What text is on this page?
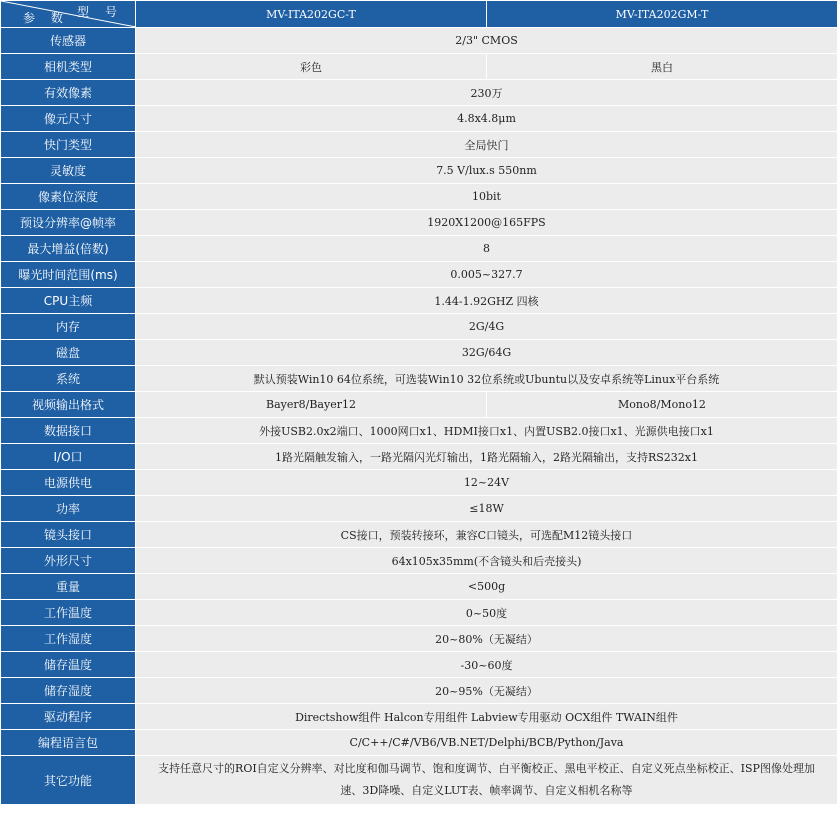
型 号
参 数	MV-ITA202GC-T	MV-ITA202GM-T
传感器	2/3" CMOS	
相机类型	彩色	黑白
有效像素	230万	
像元尺寸	4.8x4.8μm	
快门类型	全局快门	
灵敏度	7.5 V/lux.s 550nm	
像素位深度	10bit	
预设分辨率@帧率	1920X1200@165FPS	
最大增益(倍数)	8	
曝光时间范围(ms)	0.005~327.7	
CPU主频	1.44-1.92GHZ 四核	
内存	2G/4G	
磁盘	32G/64G	
系统	默认预装Win10 64位系统，可选装Win10 32位系统或Ubuntu以及安卓系统等Linux平台系统	
视频输出格式	Bayer8/Bayer12	Mono8/Mono12
数据接口	外接USB2.0x2端口、1000网口x1、HDMI接口x1、内置USB2.0接口x1、光源供电接口x1	
I/O口	1路光隔触发输入，一路光隔闪光灯输出，1路光隔输入，2路光隔输出，支持RS232x1	
电源供电	12~24V	
功率	≤18W	
镜头接口	CS接口，预装转接环，兼容C口镜头，可选配M12镜头接口	
外形尺寸	64x105x35mm(不含镜头和后壳接头)	
重量	<500g	
工作温度	0~50度	
工作湿度	20~80%（无凝结）	
储存温度	-30~60度	
储存湿度	20~95%（无凝结）	
驱动程序	Directshow组件 Halcon专用组件 Labview专用驱动 OCX组件 TWAIN组件	
编程语言包	C/C++/C#/VB6/VB.NET/Delphi/BCB/Python/Java	
其它功能	支持任意尺寸的ROI自定义分辨率、对比度和伽马调节、饱和度调节、白平衡校正、黑电平校正、自定义死点坐标校正、ISP图像处理加速、3D降噪、自定义LUT表、帧率调节、自定义相机名称等	
